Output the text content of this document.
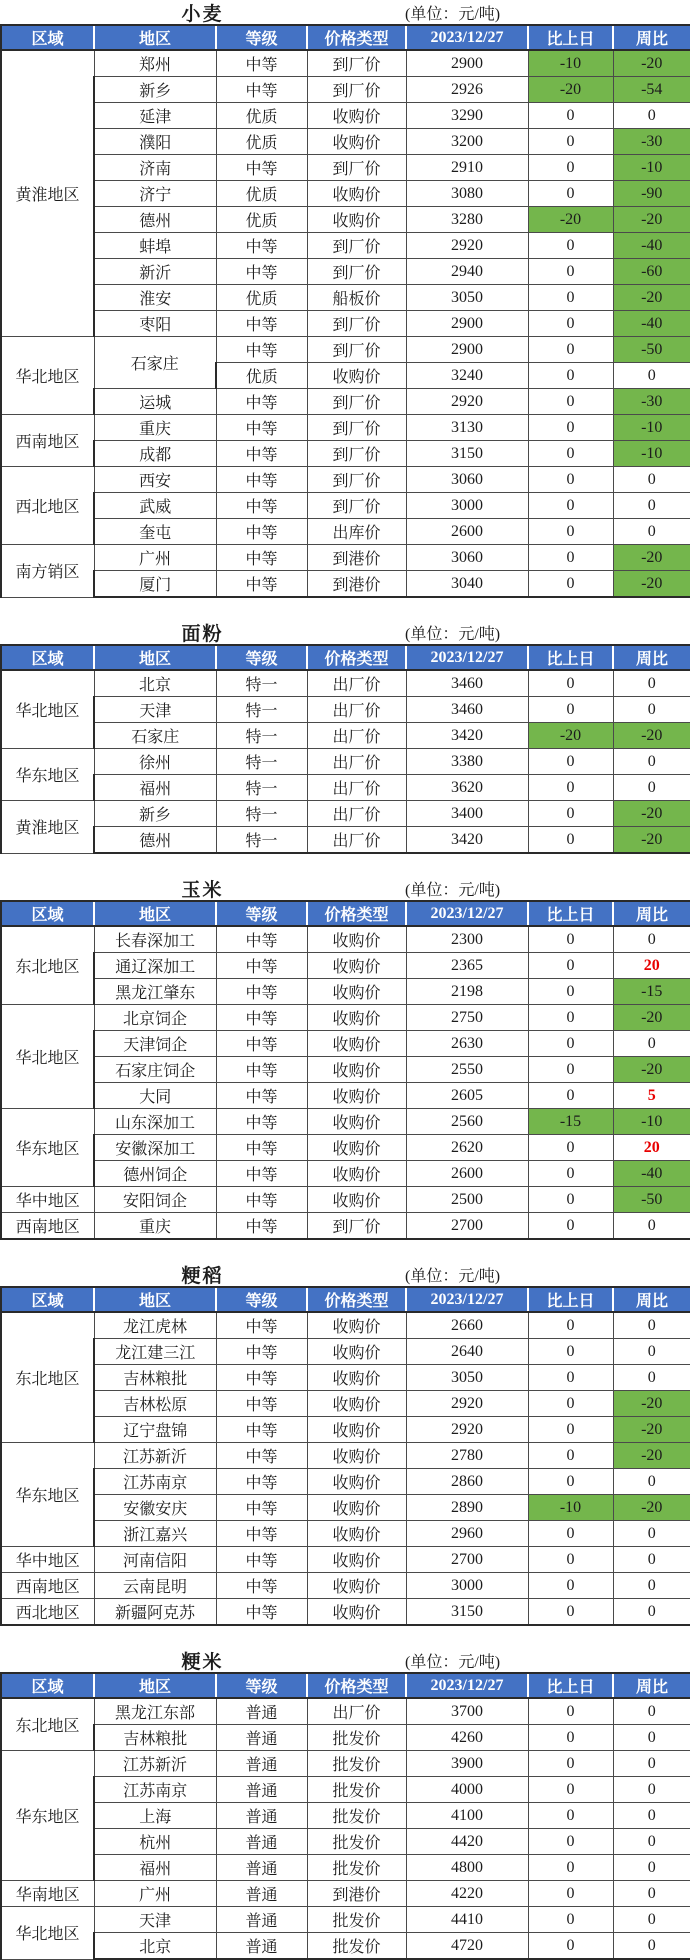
小麦	(单位：元/吨)
区域	地区	等级	价格类型	2023/12/27	比上日	周比
黄淮地区	郑州	中等	到厂价	2900	-10	-20
	新乡	中等	到厂价	2926	-20	-54
	延津	优质	收购价	3290	0	0
	濮阳	优质	收购价	3200	0	-30
	济南	中等	到厂价	2910	0	-10
	济宁	优质	收购价	3080	0	-90
	德州	优质	收购价	3280	-20	-20
	蚌埠	中等	到厂价	2920	0	-40
	新沂	中等	到厂价	2940	0	-60
	淮安	优质	船板价	3050	0	-20
	枣阳	中等	到厂价	2900	0	-40
华北地区	石家庄	中等	到厂价	2900	0	-50
		优质	收购价	3240	0	0
	运城	中等	到厂价	2920	0	-30
西南地区	重庆	中等	到厂价	3130	0	-10
	成都	中等	到厂价	3150	0	-10
西北地区	西安	中等	到厂价	3060	0	0
	武威	中等	到厂价	3000	0	0
	奎屯	中等	出库价	2600	0	0
南方销区	广州	中等	到港价	3060	0	-20
	厦门	中等	到港价	3040	0	-20
面粉	(单位：元/吨)
区域	地区	等级	价格类型	2023/12/27	比上日	周比
华北地区	北京	特一	出厂价	3460	0	0
	天津	特一	出厂价	3460	0	0
	石家庄	特一	出厂价	3420	-20	-20
华东地区	徐州	特一	出厂价	3380	0	0
	福州	特一	出厂价	3620	0	0
黄淮地区	新乡	特一	出厂价	3400	0	-20
	德州	特一	出厂价	3420	0	-20
玉米	(单位：元/吨)
区域	地区	等级	价格类型	2023/12/27	比上日	周比
东北地区	长春深加工	中等	收购价	2300	0	0
	通辽深加工	中等	收购价	2365	0	20
	黑龙江肇东	中等	收购价	2198	0	-15
华北地区	北京饲企	中等	收购价	2750	0	-20
	天津饲企	中等	收购价	2630	0	0
	石家庄饲企	中等	收购价	2550	0	-20
	大同	中等	收购价	2605	0	5
华东地区	山东深加工	中等	收购价	2560	-15	-10
	安徽深加工	中等	收购价	2620	0	20
	德州饲企	中等	收购价	2600	0	-40
华中地区	安阳饲企	中等	收购价	2500	0	-50
西南地区	重庆	中等	到厂价	2700	0	0
粳稻	(单位：元/吨)
区域	地区	等级	价格类型	2023/12/27	比上日	周比
东北地区	龙江虎林	中等	收购价	2660	0	0
	龙江建三江	中等	收购价	2640	0	0
	吉林粮批	中等	收购价	3050	0	0
	吉林松原	中等	收购价	2920	0	-20
	辽宁盘锦	中等	收购价	2920	0	-20
华东地区	江苏新沂	中等	收购价	2780	0	-20
	江苏南京	中等	收购价	2860	0	0
	安徽安庆	中等	收购价	2890	-10	-20
	浙江嘉兴	中等	收购价	2960	0	0
华中地区	河南信阳	中等	收购价	2700	0	0
西南地区	云南昆明	中等	收购价	3000	0	0
西北地区	新疆阿克苏	中等	收购价	3150	0	0
粳米	(单位：元/吨)
区域	地区	等级	价格类型	2023/12/27	比上日	周比
东北地区	黑龙江东部	普通	出厂价	3700	0	0
	吉林粮批	普通	批发价	4260	0	0
华东地区	江苏新沂	普通	批发价	3900	0	0
	江苏南京	普通	批发价	4000	0	0
	上海	普通	批发价	4100	0	0
	杭州	普通	批发价	4420	0	0
	福州	普通	批发价	4800	0	0
华南地区	广州	普通	到港价	4220	0	0
华北地区	天津	普通	批发价	4410	0	0
	北京	普通	批发价	4720	0	0
